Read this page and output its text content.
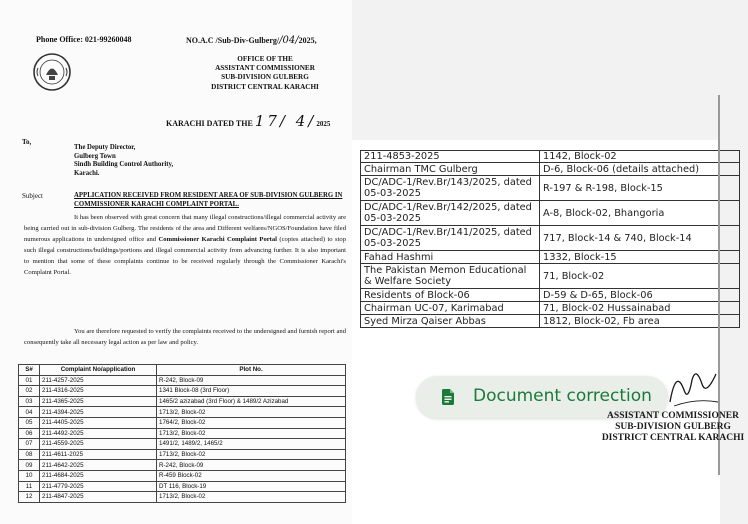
Phone Office: 021-99260048	NO.A.C /Sub-Div-Gulberg//04/2025,
OFFICE OF THE
ASSISTANT COMMISSIONER
SUB-DIVISION GULBERG
DISTRICT CENTRAL KARACHI
KARACHI DATED THE 17/ 4/2025
To,
The Deputy Director,
Gulberg Town
Sindh Building Control Authority,
Karachi.
Subject	APPLICATION RECEIVED FROM RESIDENT AREA OF SUB-DIVISION GULBERG IN COMMISSIONER KARACHI COMPLAINT PORTAL.
It has been observed with great concern that many illegal constructions/illegal commercial activity are being carried out in sub-division Gulberg. The residents of the area and Different welfares/NGOS/Foundation have filed numerous applications in undersigned office and Commissioner Karachi Complaint Portal (copies attached) to stop such illegal constructions/buildings/portions and illegal commercial activity from advancing further. It is also important to mention that some of these complaints continue to be received regularly through the Commissioner Karachi's Complaint Portal.
You are therefore requested to verify the complaints received to the undersigned and furnish report and consequently take all necessary legal action as per law and policy.
S#	Complaint No/application	Plot No.
01	211-4257-2025	R-242, Block-09
02	211-4316-2025	1341 Block-08 (3rd Floor)
03	211-4365-2025	1465/2 azizabad (3rd Floor) & 1489/2 Azizabad
04	211-4394-2025	1713/2, Block-02
05	211-4405-2025	1764/2, Block-02
06	211-4492-2025	1713/2, Block-02
07	211-4559-2025	1491/2, 1489/2, 1465/2
08	211-4611-2025	1713/2, Block-02
09	211-4642-2025	R-242, Block-09
10	211-4684-2025	R-459 Block-02
11	211-4779-2025	DT 116, Block-19
12	211-4847-2025	1713/2, Block-02
211-4853-2025	1142, Block-02
Chairman TMC Gulberg	D-6, Block-06 (details attached)
DC/ADC-1/Rev.Br/143/2025, dated 05-03-2025	R-197 & R-198, Block-15
DC/ADC-1/Rev.Br/142/2025, dated 05-03-2025	A-8, Block-02, Bhangoria
DC/ADC-1/Rev.Br/141/2025, dated 05-03-2025	717, Block-14 & 740, Block-14
Fahad Hashmi	1332, Block-15
The Pakistan Memon Educational & Welfare Society	71, Block-02
Residents of Block-06	D-59 & D-65, Block-06
Chairman UC-07, Karimabad	71, Block-02 Hussainabad
Syed Mirza Qaiser Abbas	1812, Block-02, Fb area
Document correction
ASSISTANT COMMISSIONER
SUB-DIVISION GULBERG
DISTRICT CENTRAL KARACHI
